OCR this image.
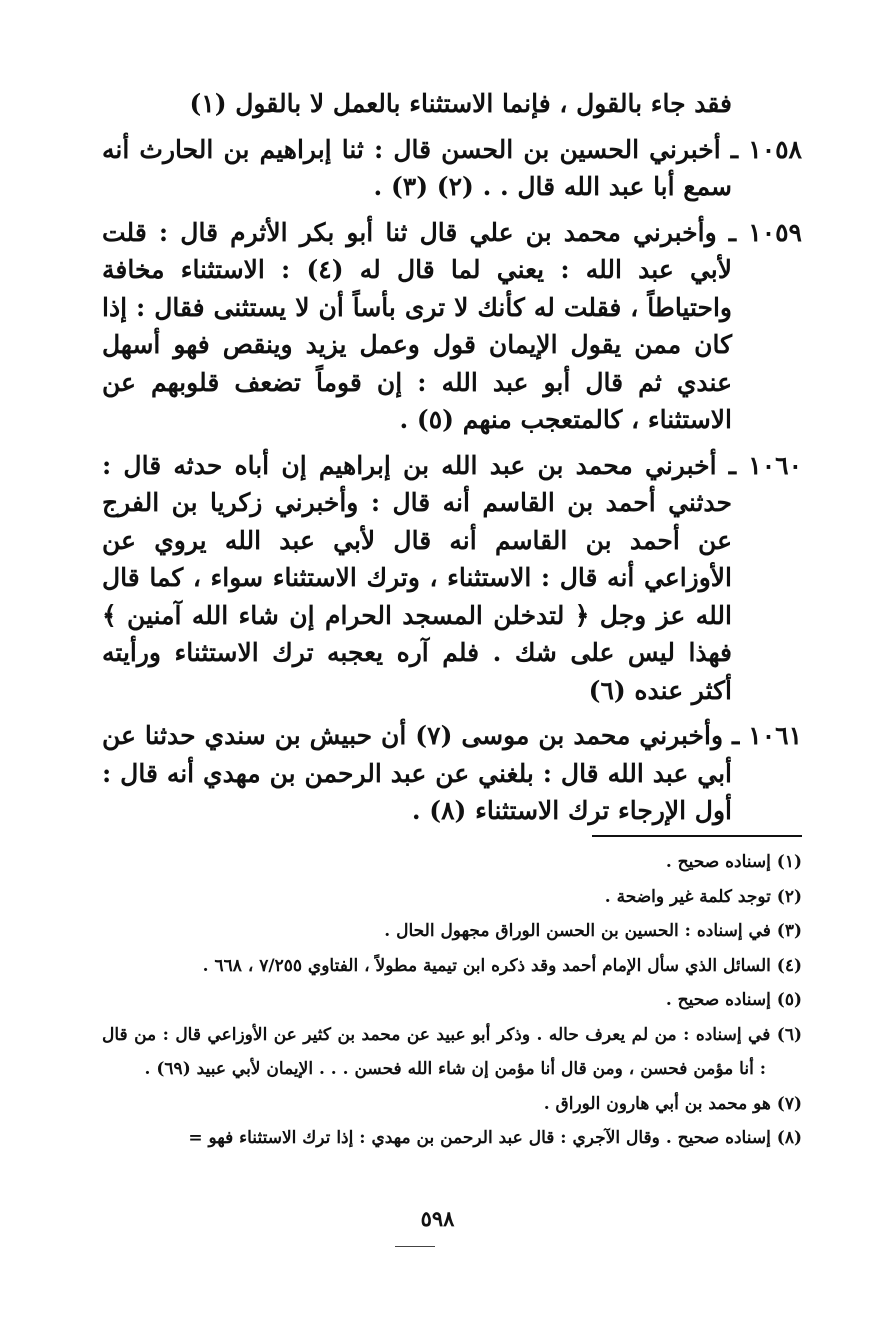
فقد جاء بالقول ، فإنما الاستثناء بالعمل لا بالقول (١)
١٠٥٨ ـ أخبرني الحسين بن الحسن قال : ثنا إبراهيم بن الحارث أنه سمع أبا عبد الله قال . . (٢) (٣) .
١٠٥٩ ـ وأخبرني محمد بن علي قال ثنا أبو بكر الأثرم قال : قلت لأبي عبد الله : يعني لما قال له (٤) : الاستثناء مخافة واحتياطاً ، فقلت له كأنك لا ترى بأساً أن لا يستثنى فقال : إذا كان ممن يقول الإيمان قول وعمل يزيد وينقص فهو أسهل عندي ثم قال أبو عبد الله : إن قوماً تضعف قلوبهم عن الاستثناء ، كالمتعجب منهم (٥) .
١٠٦٠ ـ أخبرني محمد بن عبد الله بن إبراهيم إن أباه حدثه قال : حدثني أحمد بن القاسم أنه قال : وأخبرني زكريا بن الفرج عن أحمد بن القاسم أنه قال لأبي عبد الله يروي عن الأوزاعي أنه قال : الاستثناء ، وترك الاستثناء سواء ، كما قال الله عز وجل ﴿ لتدخلن المسجد الحرام إن شاء الله آمنين ﴾ فهذا ليس على شك . فلم آره يعجبه ترك الاستثناء ورأيته أكثر عنده (٦)
١٠٦١ ـ وأخبرني محمد بن موسى (٧) أن حبيش بن سندي حدثنا عن أبي عبد الله قال : بلغني عن عبد الرحمن بن مهدي أنه قال : أول الإرجاء ترك الاستثناء (٨) .
(١) إسناده صحيح .
(٢) توجد كلمة غير واضحة .
(٣) في إسناده : الحسين بن الحسن الوراق مجهول الحال .
(٤) السائل الذي سأل الإمام أحمد وقد ذكره ابن تيمية مطولاً ، الفتاوي ٧/٢٥٥ ، ٦٦٨ .
(٥) إسناده صحيح .
(٦) في إسناده : من لم يعرف حاله . وذكر أبو عبيد عن محمد بن كثير عن الأوزاعي قال : من قال : أنا مؤمن فحسن ، ومن قال أنا مؤمن إن شاء الله فحسن . . . الإيمان لأبي عبيد (٦٩) .
(٧) هو محمد بن أبي هارون الوراق .
(٨) إسناده صحيح . وقال الآجري : قال عبد الرحمن بن مهدي : إذا ترك الاستثناء فهو =
٥٩٨
